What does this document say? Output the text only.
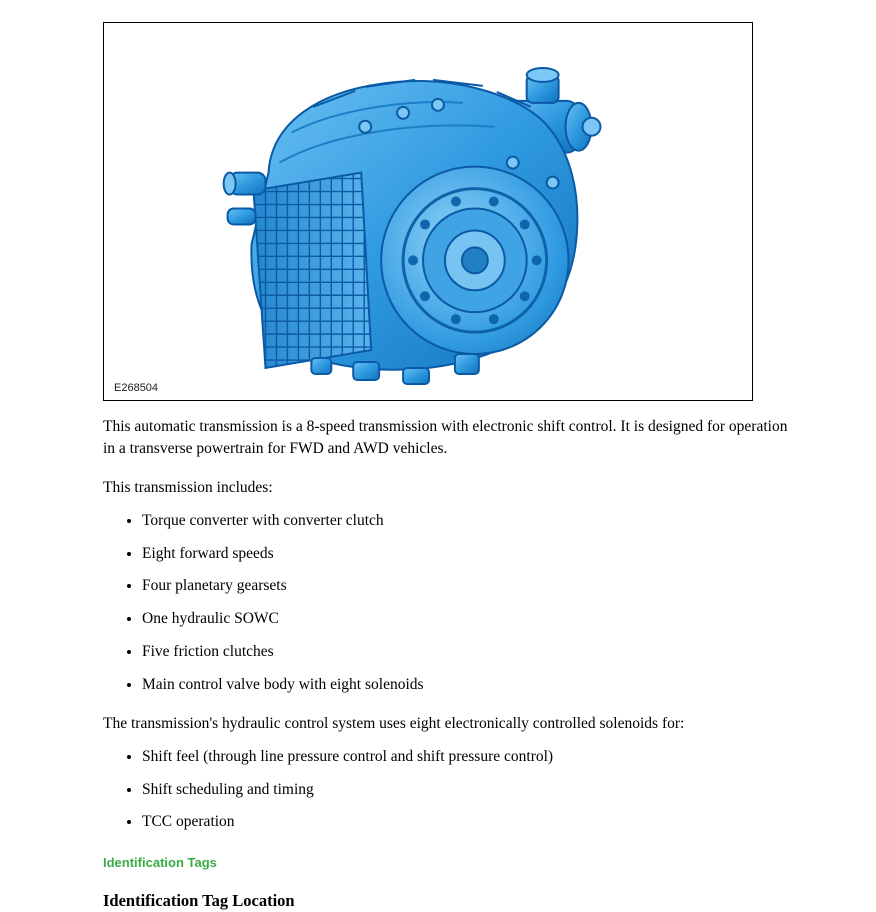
E268504

This automatic transmission is a 8-speed transmission with electronic shift control. It is designed for operation in a transverse powertrain for FWD and AWD vehicles.

This transmission includes:

• Torque converter with converter clutch
• Eight forward speeds
• Four planetary gearsets
• One hydraulic SOWC
• Five friction clutches
• Main control valve body with eight solenoids

The transmission's hydraulic control system uses eight electronically controlled solenoids for:

• Shift feel (through line pressure control and shift pressure control)
• Shift scheduling and timing
• TCC operation

Identification Tags

Identification Tag Location
